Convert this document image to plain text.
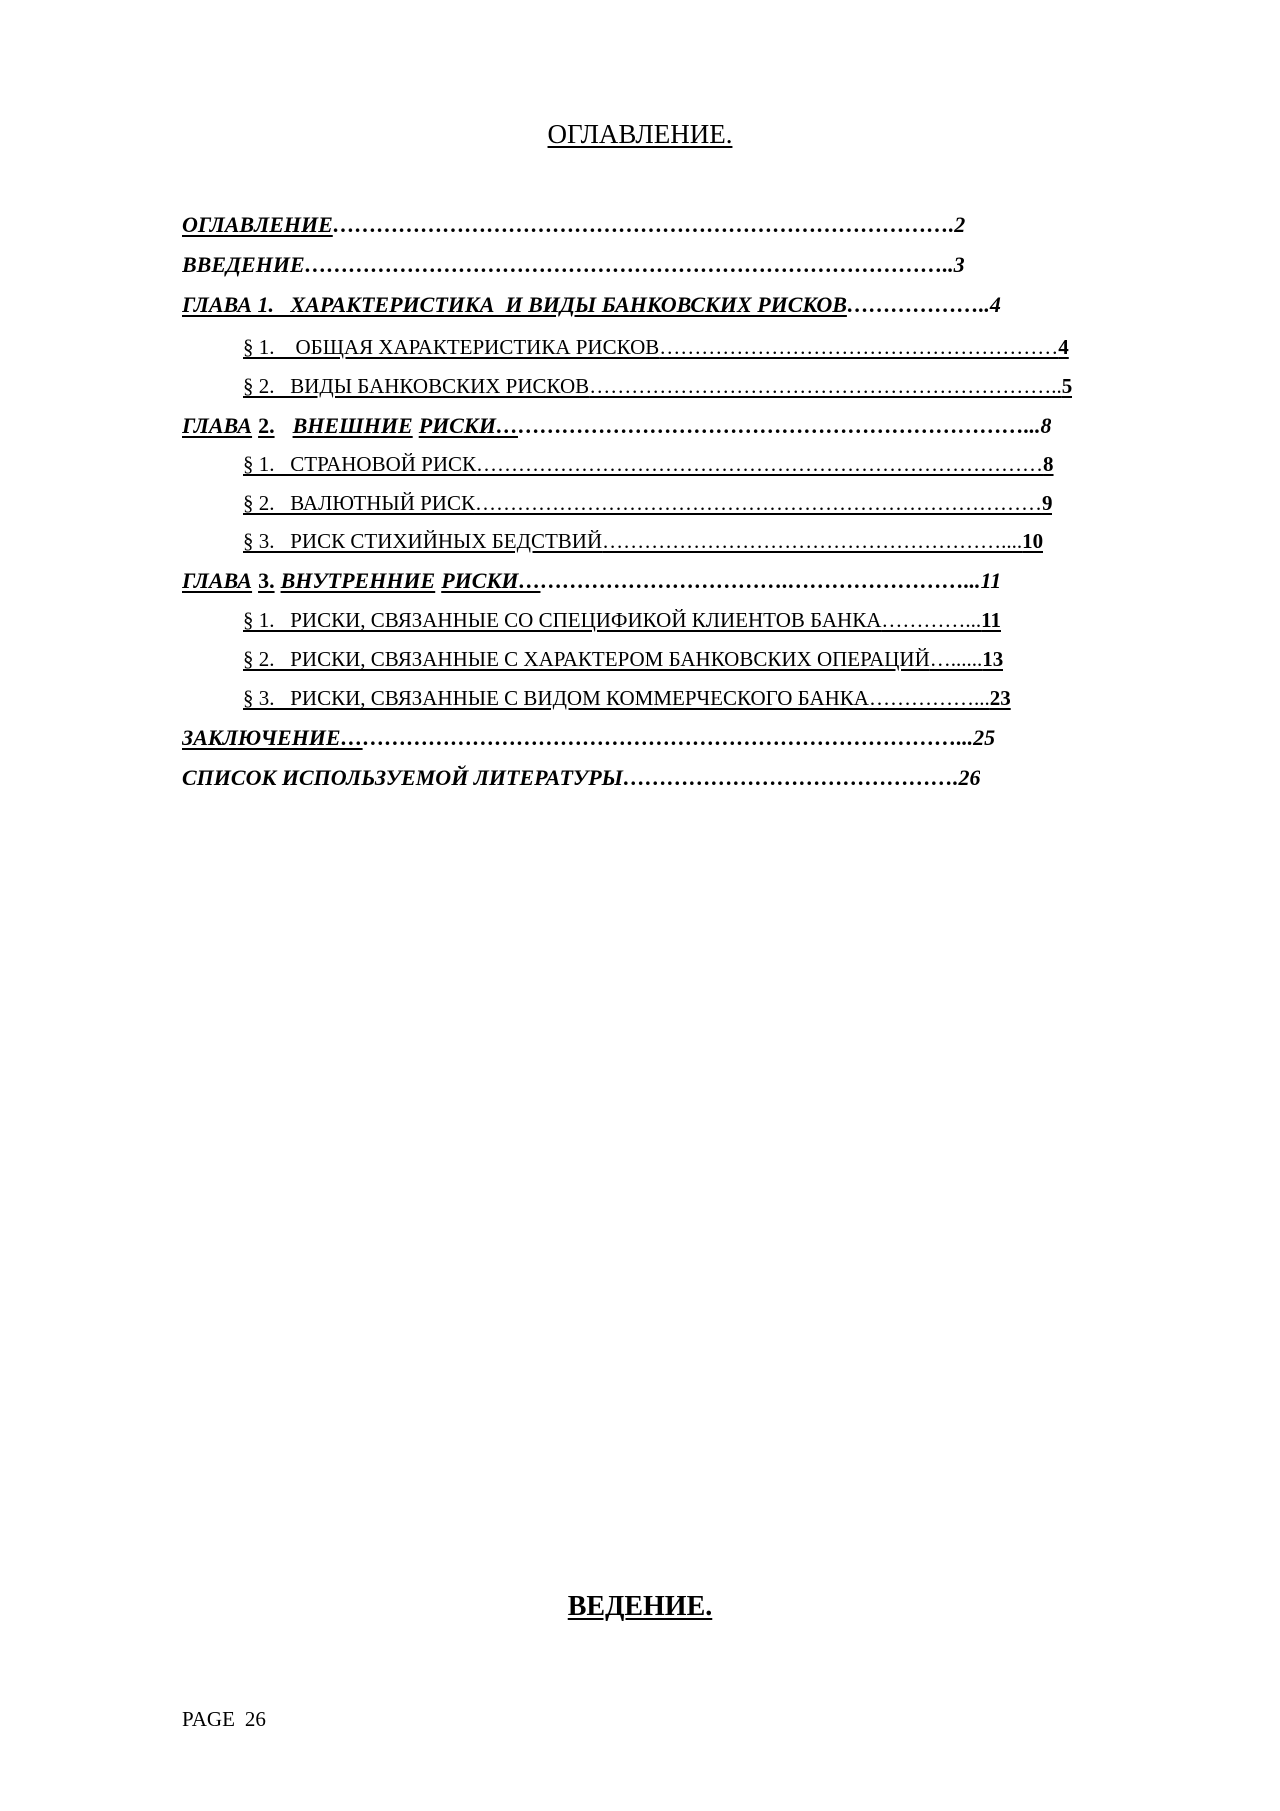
ОГЛАВЛЕНИЕ.
ОГЛАВЛЕНИЕ………………………………………………………………………….2
ВВЕДЕНИЕ……………………………………………………………………………..3
ГЛАВА 1.   ХАРАКТЕРИСТИКА  И ВИДЫ БАНКОВСКИХ РИСКОВ………………..4
§ 1.    ОБЩАЯ ХАРАКТЕРИСТИКА РИСКОВ…………………………………………………4
§ 2.   ВИДЫ БАНКОВСКИХ РИСКОВ…………………………………………………………..5
ГЛАВА 2. ВНЕШНИЕ РИСКИ………………………………………………………………...8
§ 1.   СТРАНОВОЙ РИСК………………………………………………………………………8
§ 2.   ВАЛЮТНЫЙ РИСК………………………………………………………………………9
§ 3.   РИСК СТИХИЙНЫХ БЕДСТВИЙ…………………………………………………....10
ГЛАВА 3. ВНУТРЕННИЕ РИСКИ……………………………….……………………...11
§ 1.   РИСКИ, СВЯЗАННЫЕ СО СПЕЦИФИКОЙ КЛИЕНТОВ БАНКА…………...11
§ 2.   РИСКИ, СВЯЗАННЫЕ С ХАРАКТЕРОМ БАНКОВСКИХ ОПЕРАЦИЙ…......13
§ 3.   РИСКИ, СВЯЗАННЫЕ С ВИДОМ КОММЕРЧЕСКОГО БАНКА……………...23
ЗАКЛЮЧЕНИЕ…………………………………………………………………………...25
СПИСОК ИСПОЛЬЗУЕМОЙ ЛИТЕРАТУРЫ……………………………………….26
ВЕДЕНИЕ.
PAGE 26
